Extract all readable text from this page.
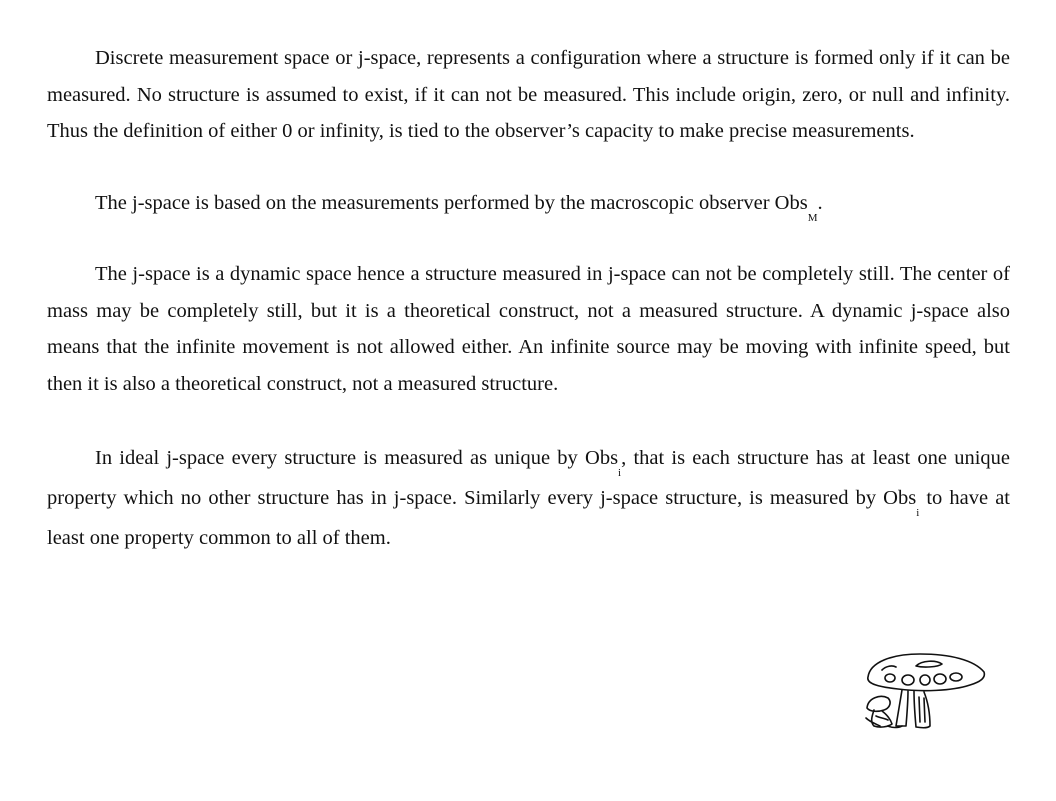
Discrete measurement space or j-space, represents a configuration where a structure is formed only if it can be measured. No structure is assumed to exist, if it can not be measured. This include origin, zero, or null and infinity. Thus the definition of either 0 or infinity, is tied to the observer’s capacity to make precise measurements.

The j-space is based on the measurements performed by the macroscopic observer Obs$_M$.

The j-space is a dynamic space hence a structure measured in j-space can not be completely still. The center of mass may be completely still, but it is a theoretical construct, not a measured structure. A dynamic j-space also means that the infinite movement is not allowed either. An infinite source may be moving with infinite speed, but then it is also a theoretical construct, not a measured structure.

In ideal j-space every structure is measured as unique by Obs$_i$, that is each structure has at least one unique property which no other structure has in j-space. Similarly every j-space structure, is measured by Obs$_i$ to have at least one property common to all of them.
